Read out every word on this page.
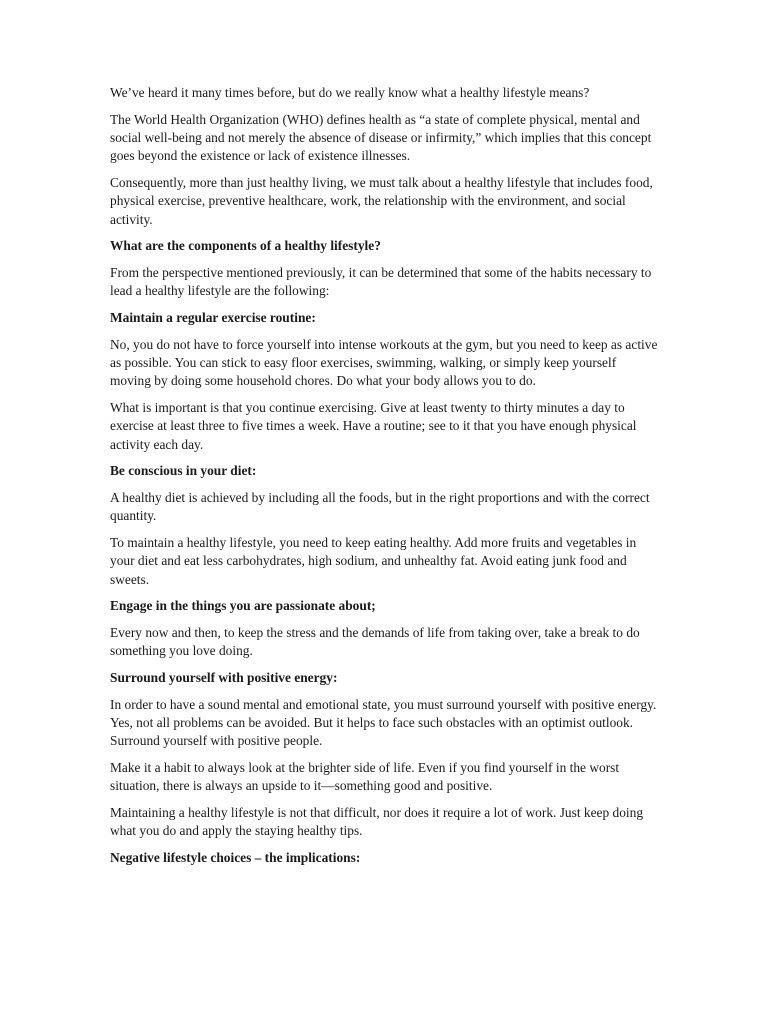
We’ve heard it many times before, but do we really know what a healthy lifestyle means?

The World Health Organization (WHO) defines health as “a state of complete physical, mental and social well-being and not merely the absence of disease or infirmity,” which implies that this concept goes beyond the existence or lack of existence illnesses.

Consequently, more than just healthy living, we must talk about a healthy lifestyle that includes food, physical exercise, preventive healthcare, work, the relationship with the environment, and social activity.

What are the components of a healthy lifestyle?

From the perspective mentioned previously, it can be determined that some of the habits necessary to lead a healthy lifestyle are the following:

Maintain a regular exercise routine:

No, you do not have to force yourself into intense workouts at the gym, but you need to keep as active as possible. You can stick to easy floor exercises, swimming, walking, or simply keep yourself moving by doing some household chores. Do what your body allows you to do.

What is important is that you continue exercising. Give at least twenty to thirty minutes a day to exercise at least three to five times a week. Have a routine; see to it that you have enough physical activity each day.

Be conscious in your diet:

A healthy diet is achieved by including all the foods, but in the right proportions and with the correct quantity.

To maintain a healthy lifestyle, you need to keep eating healthy. Add more fruits and vegetables in your diet and eat less carbohydrates, high sodium, and unhealthy fat. Avoid eating junk food and sweets.

Engage in the things you are passionate about;

Every now and then, to keep the stress and the demands of life from taking over, take a break to do something you love doing.

Surround yourself with positive energy:

In order to have a sound mental and emotional state, you must surround yourself with positive energy. Yes, not all problems can be avoided. But it helps to face such obstacles with an optimist outlook. Surround yourself with positive people.

Make it a habit to always look at the brighter side of life. Even if you find yourself in the worst situation, there is always an upside to it—something good and positive.

Maintaining a healthy lifestyle is not that difficult, nor does it require a lot of work. Just keep doing what you do and apply the staying healthy tips.

Negative lifestyle choices – the implications:
